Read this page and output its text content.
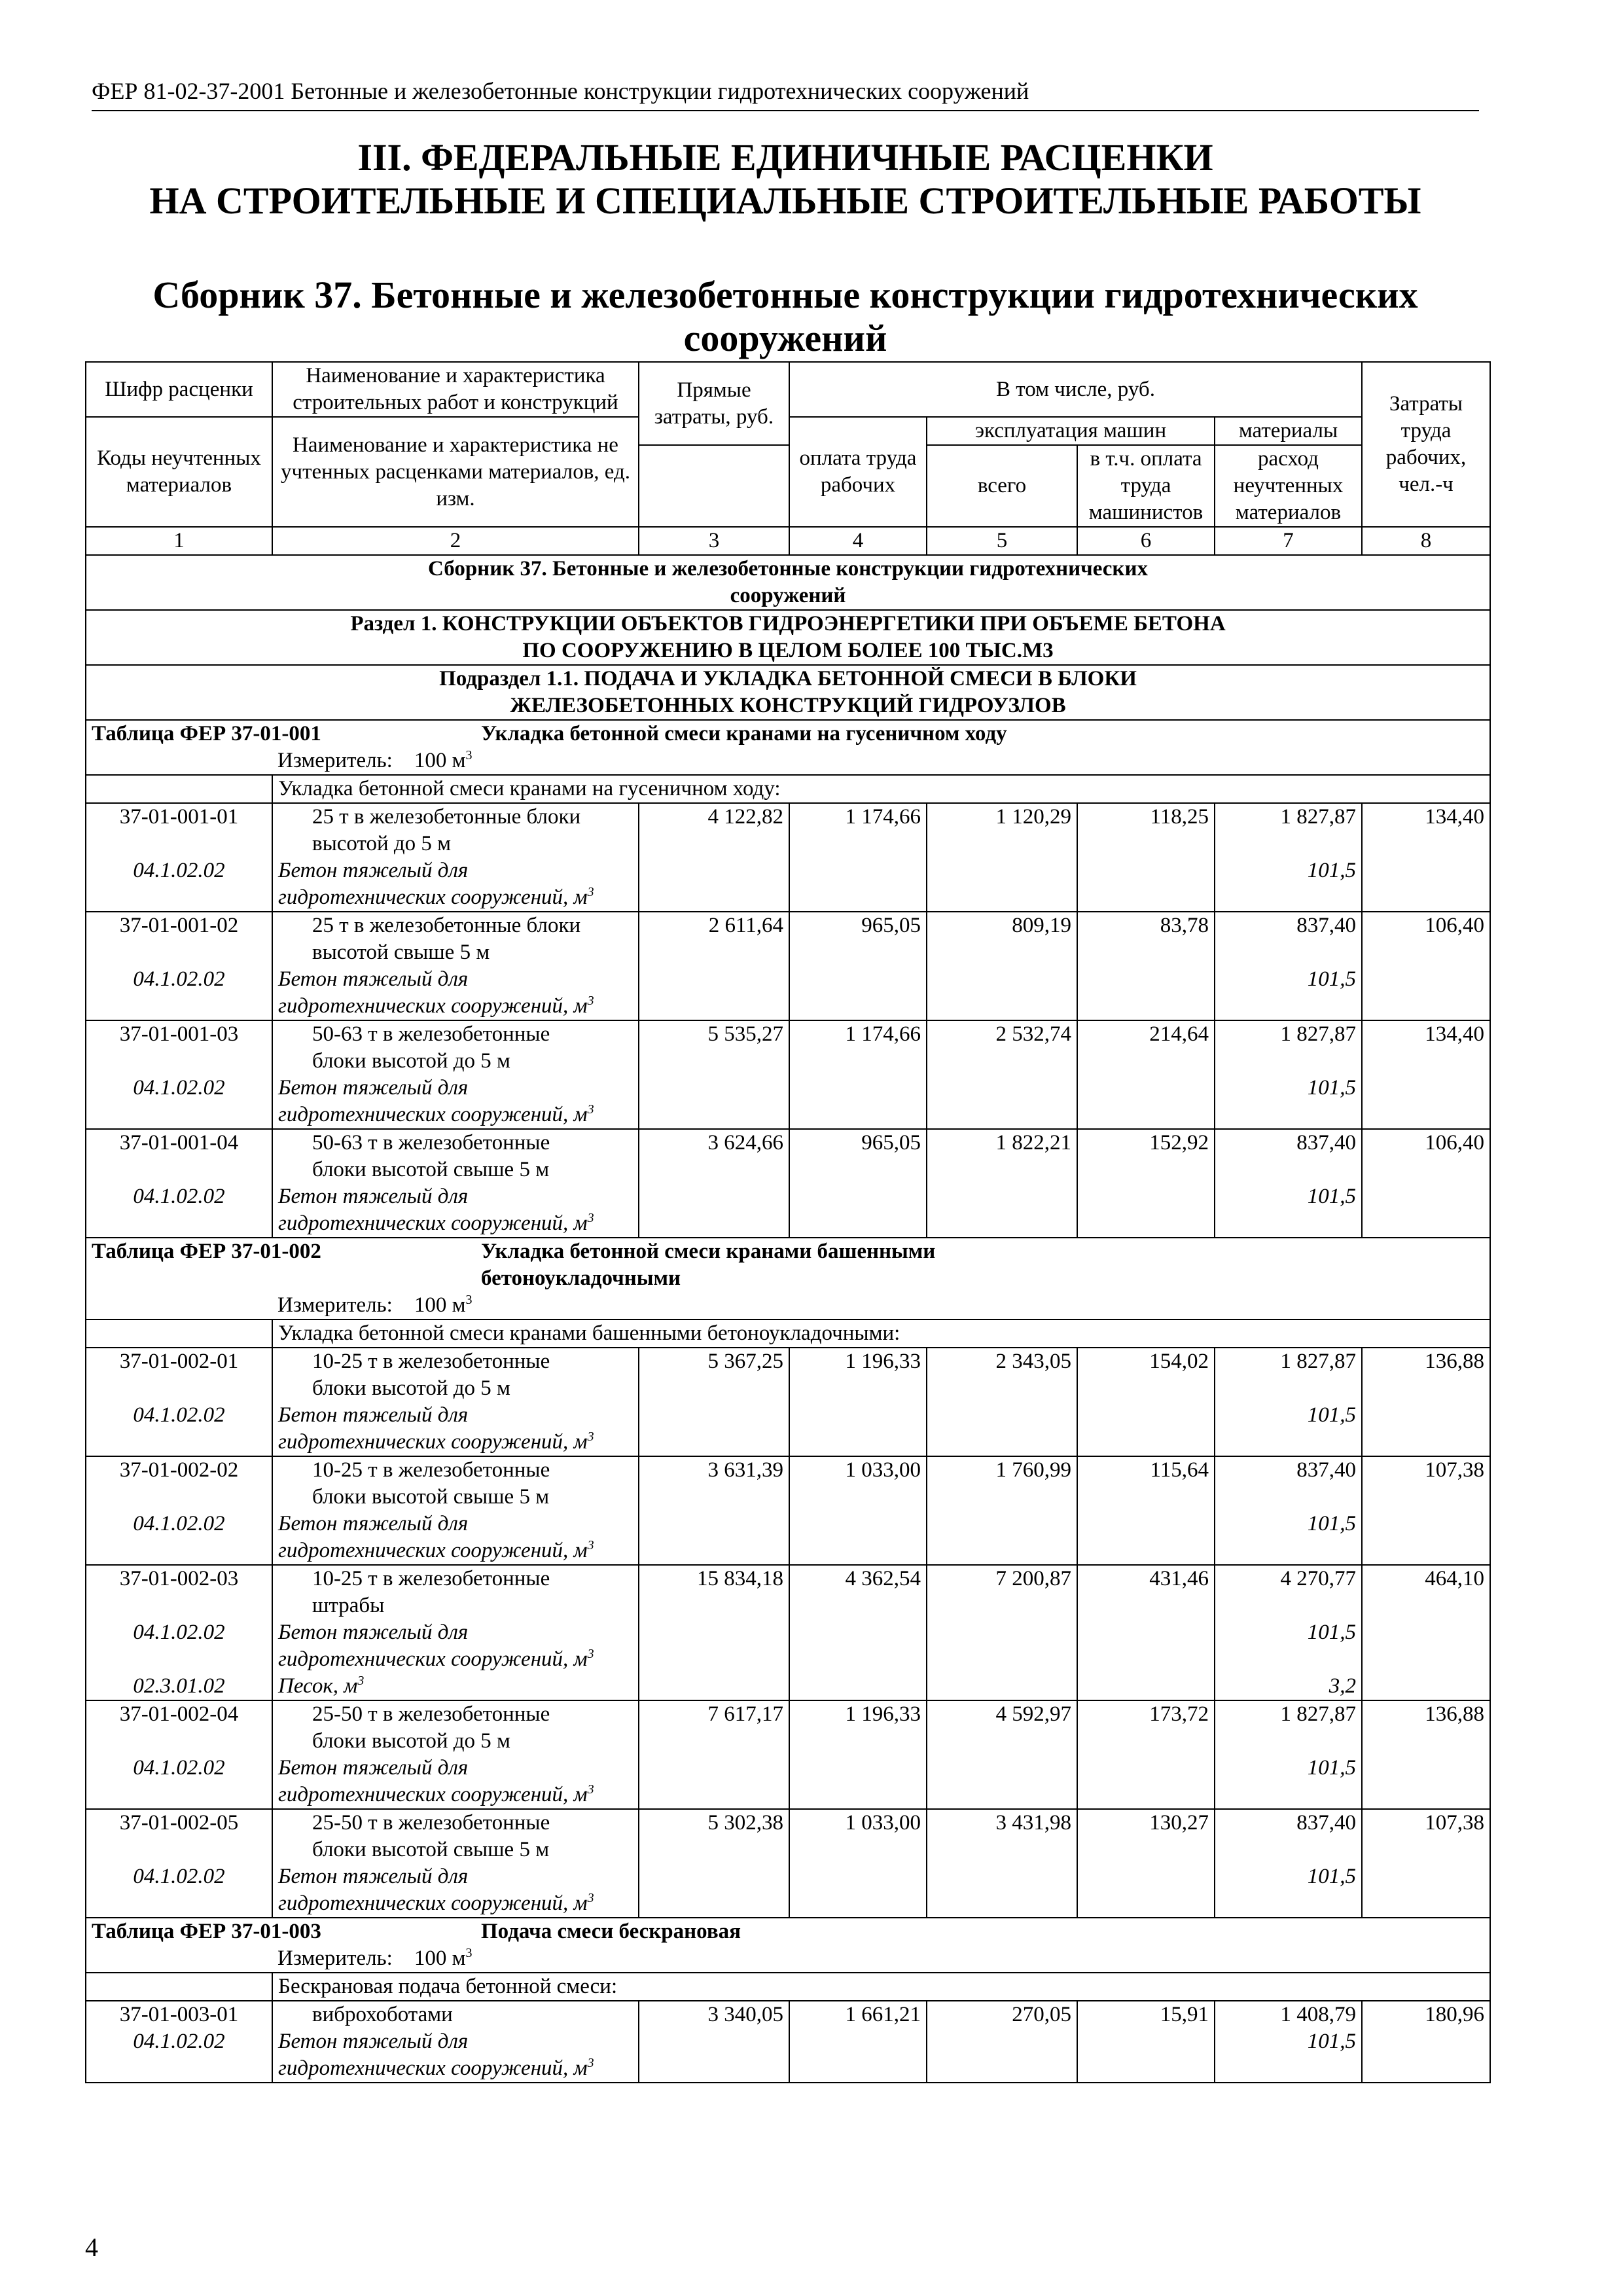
ФЕР 81-02-37-2001 Бетонные и железобетонные конструкции гидротехнических сооружений
III. ФЕДЕРАЛЬНЫЕ ЕДИНИЧНЫЕ РАСЦЕНКИ
НА СТРОИТЕЛЬНЫЕ И СПЕЦИАЛЬНЫЕ СТРОИТЕЛЬНЫЕ РАБОТЫ
Сборник 37. Бетонные и железобетонные конструкции гидротехнических
сооружений
Шифр расценки	Наименование и характеристика строительных работ и конструкций	Прямые затраты, руб.	В том числе, руб.				Затраты труда рабочих, чел.-ч
Коды неучтенных материалов	Наименование и характеристика не учтенных расценками материалов, ед. изм.						
			оплата труда рабочих	эксплуатация машин		материалы	
				всего	в т.ч. оплата труда машинистов	расход неучтенных материалов	
1	2	3	4	5	6	7	8

Сборник 37. Бетонные и железобетонные конструкции гидротехнических
сооружений							

Раздел 1. КОНСТРУКЦИИ ОБЪЕКТОВ ГИДРОЭНЕРГЕТИКИ ПРИ ОБЪЕМЕ БЕТОНА
ПО СООРУЖЕНИЮ В ЦЕЛОМ БОЛЕЕ 100 ТЫС.М3							

Подраздел 1.1. ПОДАЧА И УКЛАДКА БЕТОННОЙ СМЕСИ В БЛОКИ
ЖЕЛЕЗОБЕТОННЫХ КОНСТРУКЦИЙ ГИДРОУЗЛОВ							

Таблица ФЕР 37-01-001 Укладка бетонной смеси кранами на гусеничном ходу							
	Измеритель: 100 $м^3$
	Укладка бетонной смеси кранами на гусеничном ходу:						
37-01-001-01	25 т в железобетонные блоки
высотой до 5 м	4 122,82	1 174,66	1 120,29	118,25	1 827,87	134,40
04.1.02.02	Бетон тяжелый для
гидротехнических сооружений, $м^3$					101,5	
37-01-001-02	25 т в железобетонные блоки
высотой свыше 5 м	2 611,64	965,05	809,19	83,78	837,40	106,40
04.1.02.02	Бетон тяжелый для
гидротехнических сооружений, $м^3$					101,5	
37-01-001-03	50-63 т в железобетонные
блоки высотой до 5 м	5 535,27	1 174,66	2 532,74	214,64	1 827,87	134,40
04.1.02.02	Бетон тяжелый для
гидротехнических сооружений, $м^3$					101,5	
37-01-001-04	50-63 т в железобетонные
блоки высотой свыше 5 м	3 624,66	965,05	1 822,21	152,92	837,40	106,40
04.1.02.02	Бетон тяжелый для
гидротехнических сооружений, $м^3$					101,5	
Таблица ФЕР 37-01-002 Укладка бетонной смеси кранами башенными
бетоноукладочными							
	Измеритель: 100 $м^3$
	Укладка бетонной смеси кранами башенными бетоноукладочными:						
37-01-002-01	10-25 т в железобетонные
блоки высотой до 5 м	5 367,25	1 196,33	2 343,05	154,02	1 827,87	136,88
04.1.02.02	Бетон тяжелый для
гидротехнических сооружений, $м^3$					101,5	
37-01-002-02	10-25 т в железобетонные
блоки высотой свыше 5 м	3 631,39	1 033,00	1 760,99	115,64	837,40	107,38
04.1.02.02	Бетон тяжелый для
гидротехнических сооружений, $м^3$					101,5	
37-01-002-03	10-25 т в железобетонные
штрабы	15 834,18	4 362,54	7 200,87	431,46	4 270,77	464,10
04.1.02.02	Бетон тяжелый для
гидротехнических сооружений, $м^3$					101,5	
02.3.01.02	Песок, $м^3$					3,2	
37-01-002-04	25-50 т в железобетонные
блоки высотой до 5 м	7 617,17	1 196,33	4 592,97	173,72	1 827,87	136,88
04.1.02.02	Бетон тяжелый для
гидротехнических сооружений, $м^3$					101,5	
37-01-002-05	25-50 т в железобетонные
блоки высотой свыше 5 м	5 302,38	1 033,00	3 431,98	130,27	837,40	107,38
04.1.02.02	Бетон тяжелый для
гидротехнических сооружений, $м^3$					101,5	
Таблица ФЕР 37-01-003 Подача смеси бескрановая							
	Измеритель: 100 $м^3$
	Бескрановая подача бетонной смеси:						
37-01-003-01	виброхоботами	3 340,05	1 661,21	270,05	15,91	1 408,79	180,96
04.1.02.02	Бетон тяжелый для
гидротехнических сооружений, $м^3$					101,5	
4
